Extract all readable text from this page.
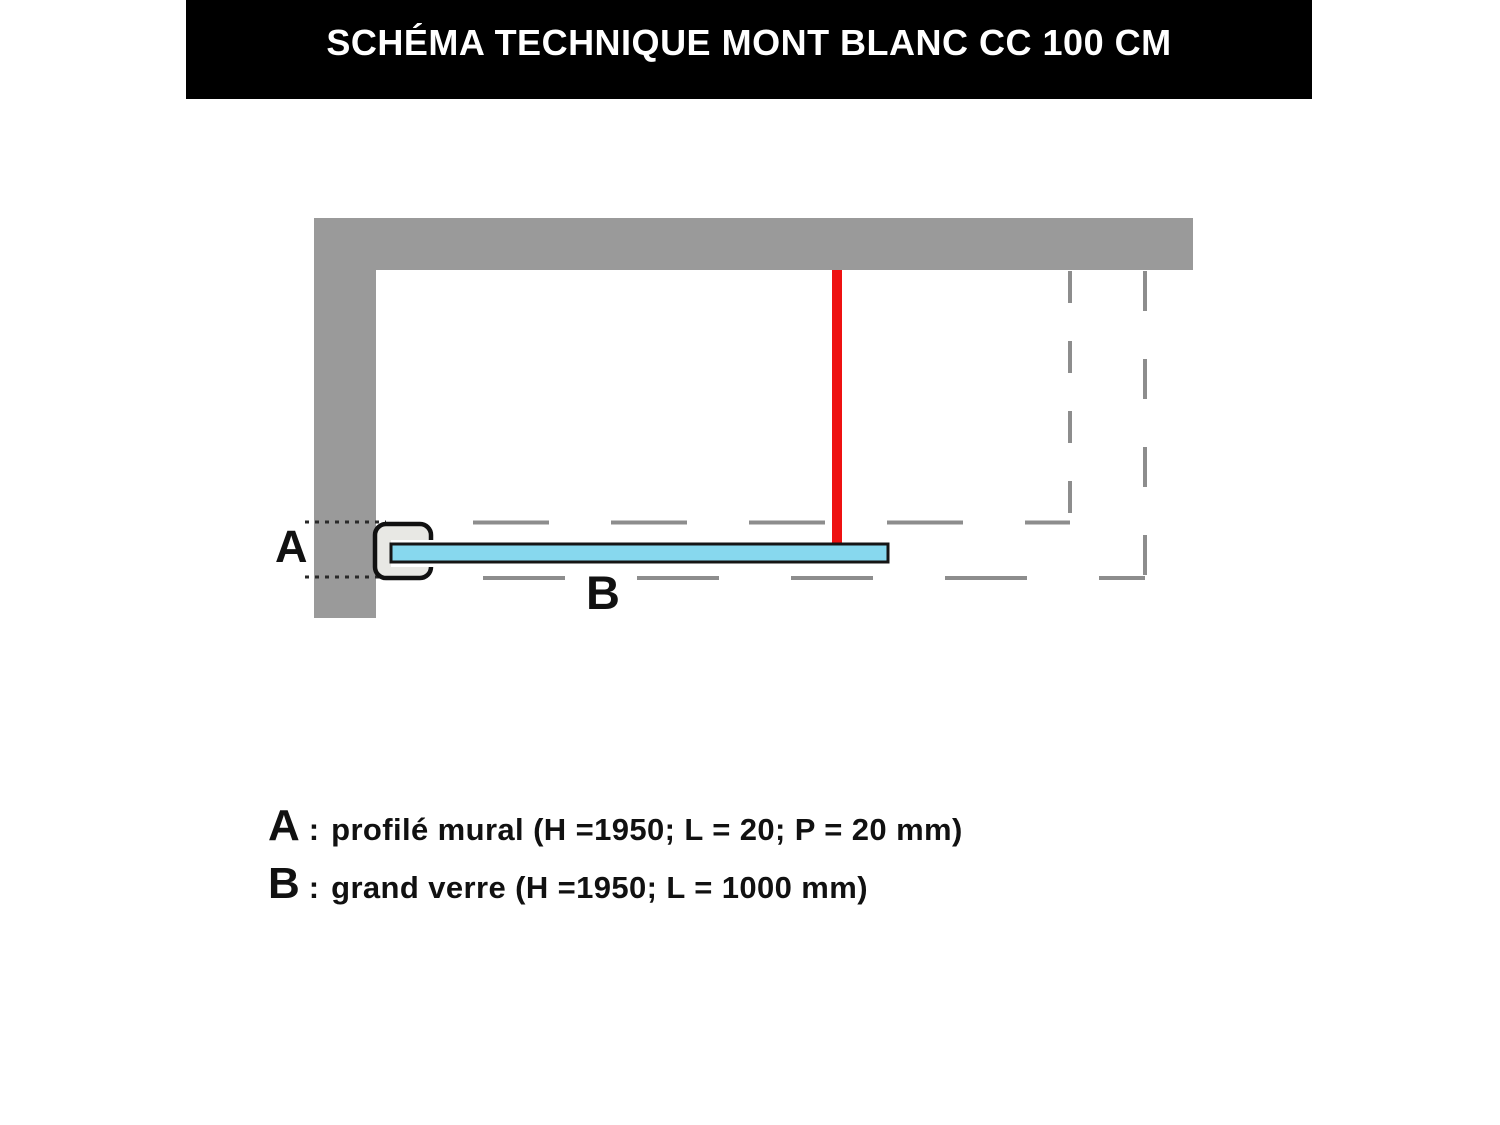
SCHÉMA TECHNIQUE MONT BLANC CC 100 CM
A
B
A : profilé mural (H =1950; L = 20; P = 20 mm)
B : grand verre (H =1950; L = 1000 mm)
